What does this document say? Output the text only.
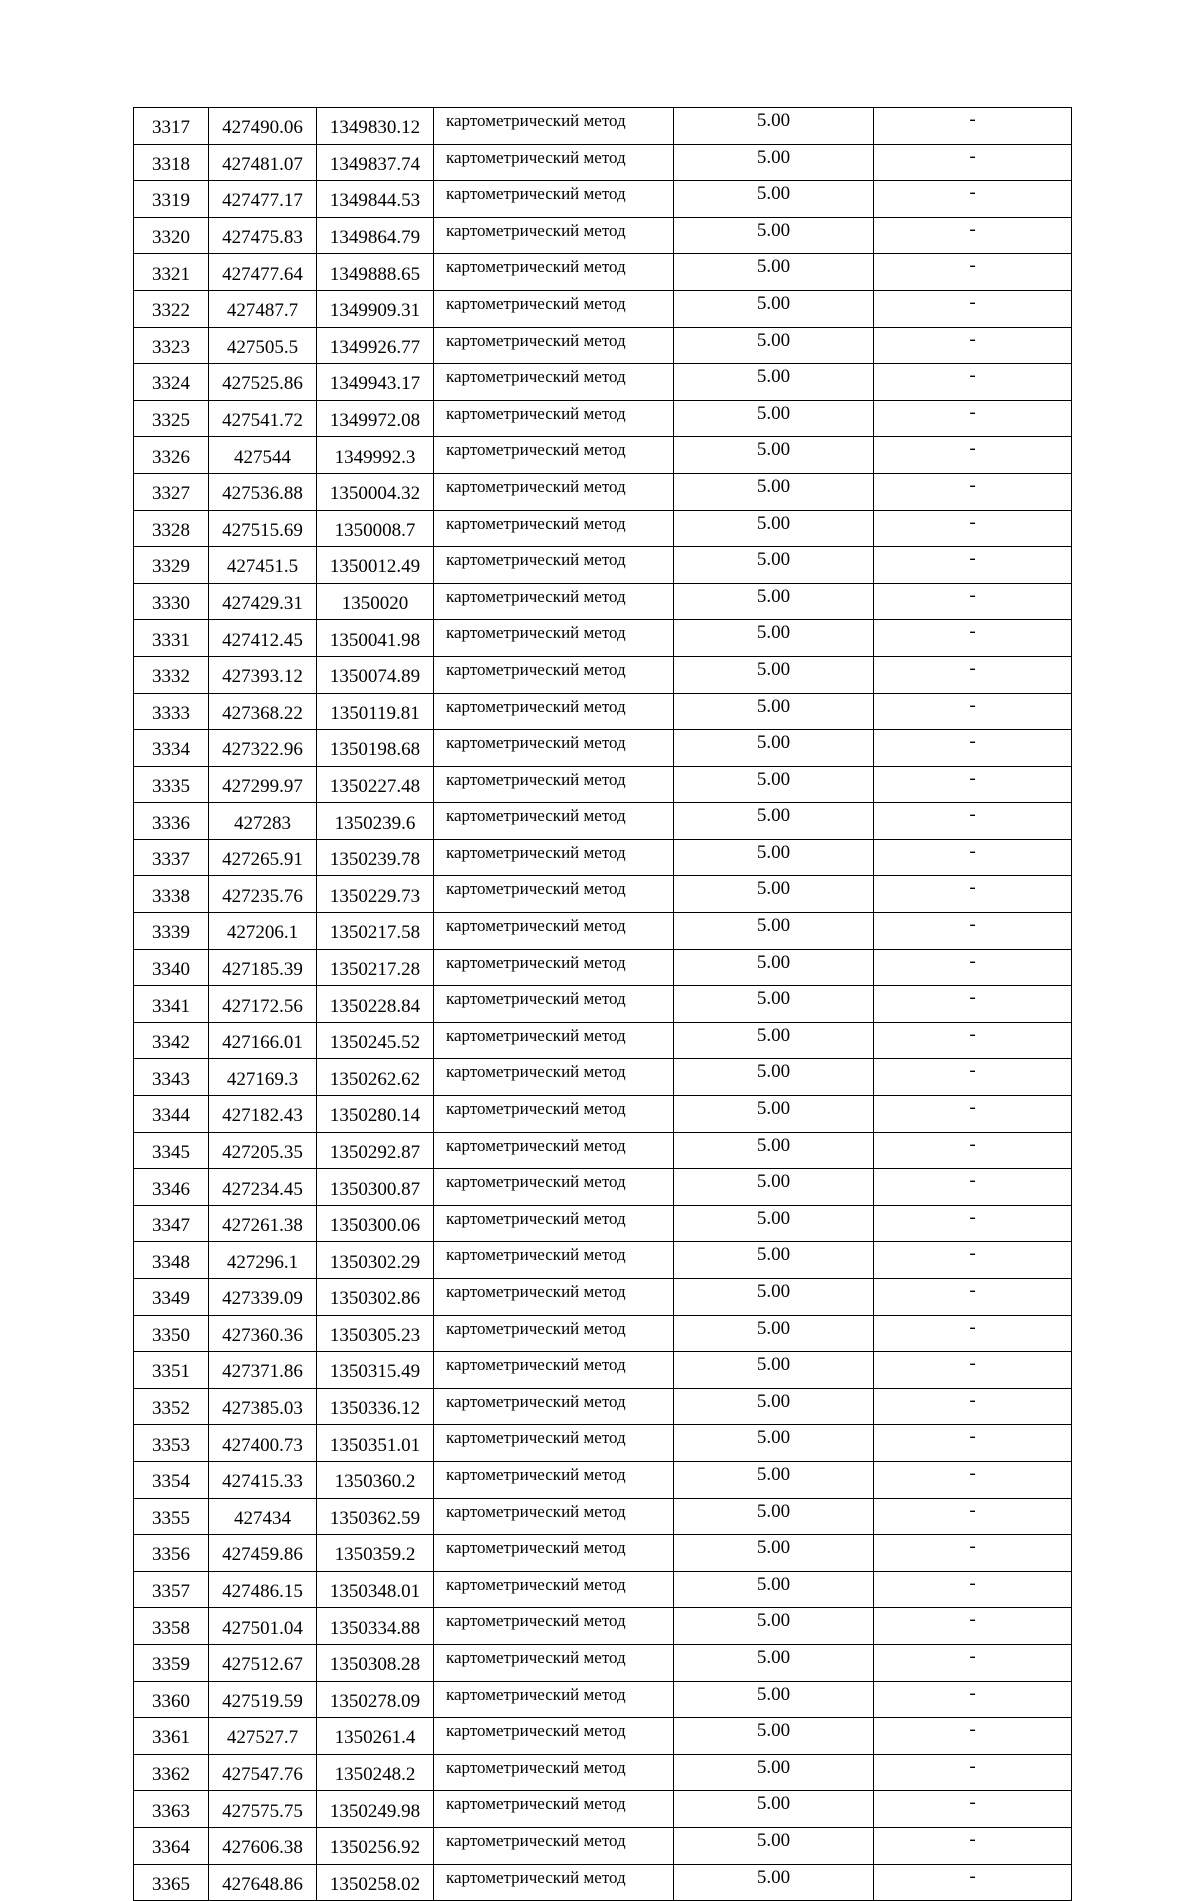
3317	427490.06	1349830.12	картометрический метод	5.00	-
3318	427481.07	1349837.74	картометрический метод	5.00	-
3319	427477.17	1349844.53	картометрический метод	5.00	-
3320	427475.83	1349864.79	картометрический метод	5.00	-
3321	427477.64	1349888.65	картометрический метод	5.00	-
3322	427487.7	1349909.31	картометрический метод	5.00	-
3323	427505.5	1349926.77	картометрический метод	5.00	-
3324	427525.86	1349943.17	картометрический метод	5.00	-
3325	427541.72	1349972.08	картометрический метод	5.00	-
3326	427544	1349992.3	картометрический метод	5.00	-
3327	427536.88	1350004.32	картометрический метод	5.00	-
3328	427515.69	1350008.7	картометрический метод	5.00	-
3329	427451.5	1350012.49	картометрический метод	5.00	-
3330	427429.31	1350020	картометрический метод	5.00	-
3331	427412.45	1350041.98	картометрический метод	5.00	-
3332	427393.12	1350074.89	картометрический метод	5.00	-
3333	427368.22	1350119.81	картометрический метод	5.00	-
3334	427322.96	1350198.68	картометрический метод	5.00	-
3335	427299.97	1350227.48	картометрический метод	5.00	-
3336	427283	1350239.6	картометрический метод	5.00	-
3337	427265.91	1350239.78	картометрический метод	5.00	-
3338	427235.76	1350229.73	картометрический метод	5.00	-
3339	427206.1	1350217.58	картометрический метод	5.00	-
3340	427185.39	1350217.28	картометрический метод	5.00	-
3341	427172.56	1350228.84	картометрический метод	5.00	-
3342	427166.01	1350245.52	картометрический метод	5.00	-
3343	427169.3	1350262.62	картометрический метод	5.00	-
3344	427182.43	1350280.14	картометрический метод	5.00	-
3345	427205.35	1350292.87	картометрический метод	5.00	-
3346	427234.45	1350300.87	картометрический метод	5.00	-
3347	427261.38	1350300.06	картометрический метод	5.00	-
3348	427296.1	1350302.29	картометрический метод	5.00	-
3349	427339.09	1350302.86	картометрический метод	5.00	-
3350	427360.36	1350305.23	картометрический метод	5.00	-
3351	427371.86	1350315.49	картометрический метод	5.00	-
3352	427385.03	1350336.12	картометрический метод	5.00	-
3353	427400.73	1350351.01	картометрический метод	5.00	-
3354	427415.33	1350360.2	картометрический метод	5.00	-
3355	427434	1350362.59	картометрический метод	5.00	-
3356	427459.86	1350359.2	картометрический метод	5.00	-
3357	427486.15	1350348.01	картометрический метод	5.00	-
3358	427501.04	1350334.88	картометрический метод	5.00	-
3359	427512.67	1350308.28	картометрический метод	5.00	-
3360	427519.59	1350278.09	картометрический метод	5.00	-
3361	427527.7	1350261.4	картометрический метод	5.00	-
3362	427547.76	1350248.2	картометрический метод	5.00	-
3363	427575.75	1350249.98	картометрический метод	5.00	-
3364	427606.38	1350256.92	картометрический метод	5.00	-
3365	427648.86	1350258.02	картометрический метод	5.00	-
